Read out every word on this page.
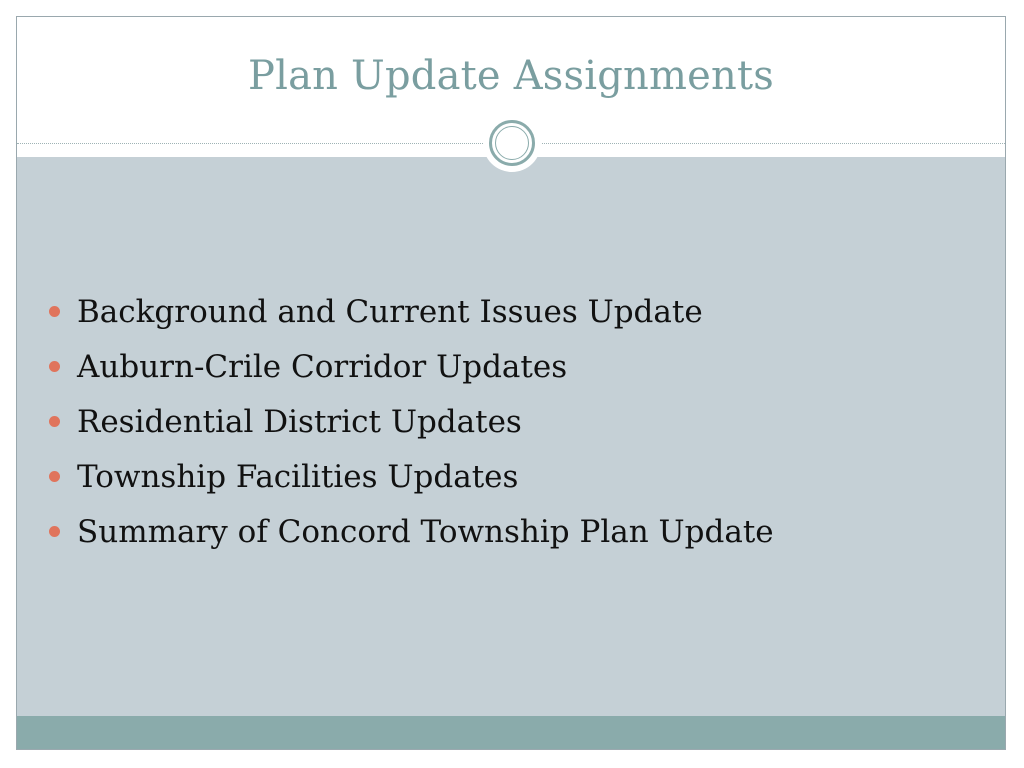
Plan Update Assignments
Background and Current Issues Update
Auburn-Crile Corridor Updates
Residential District Updates
Township Facilities Updates
Summary of Concord Township Plan Update
